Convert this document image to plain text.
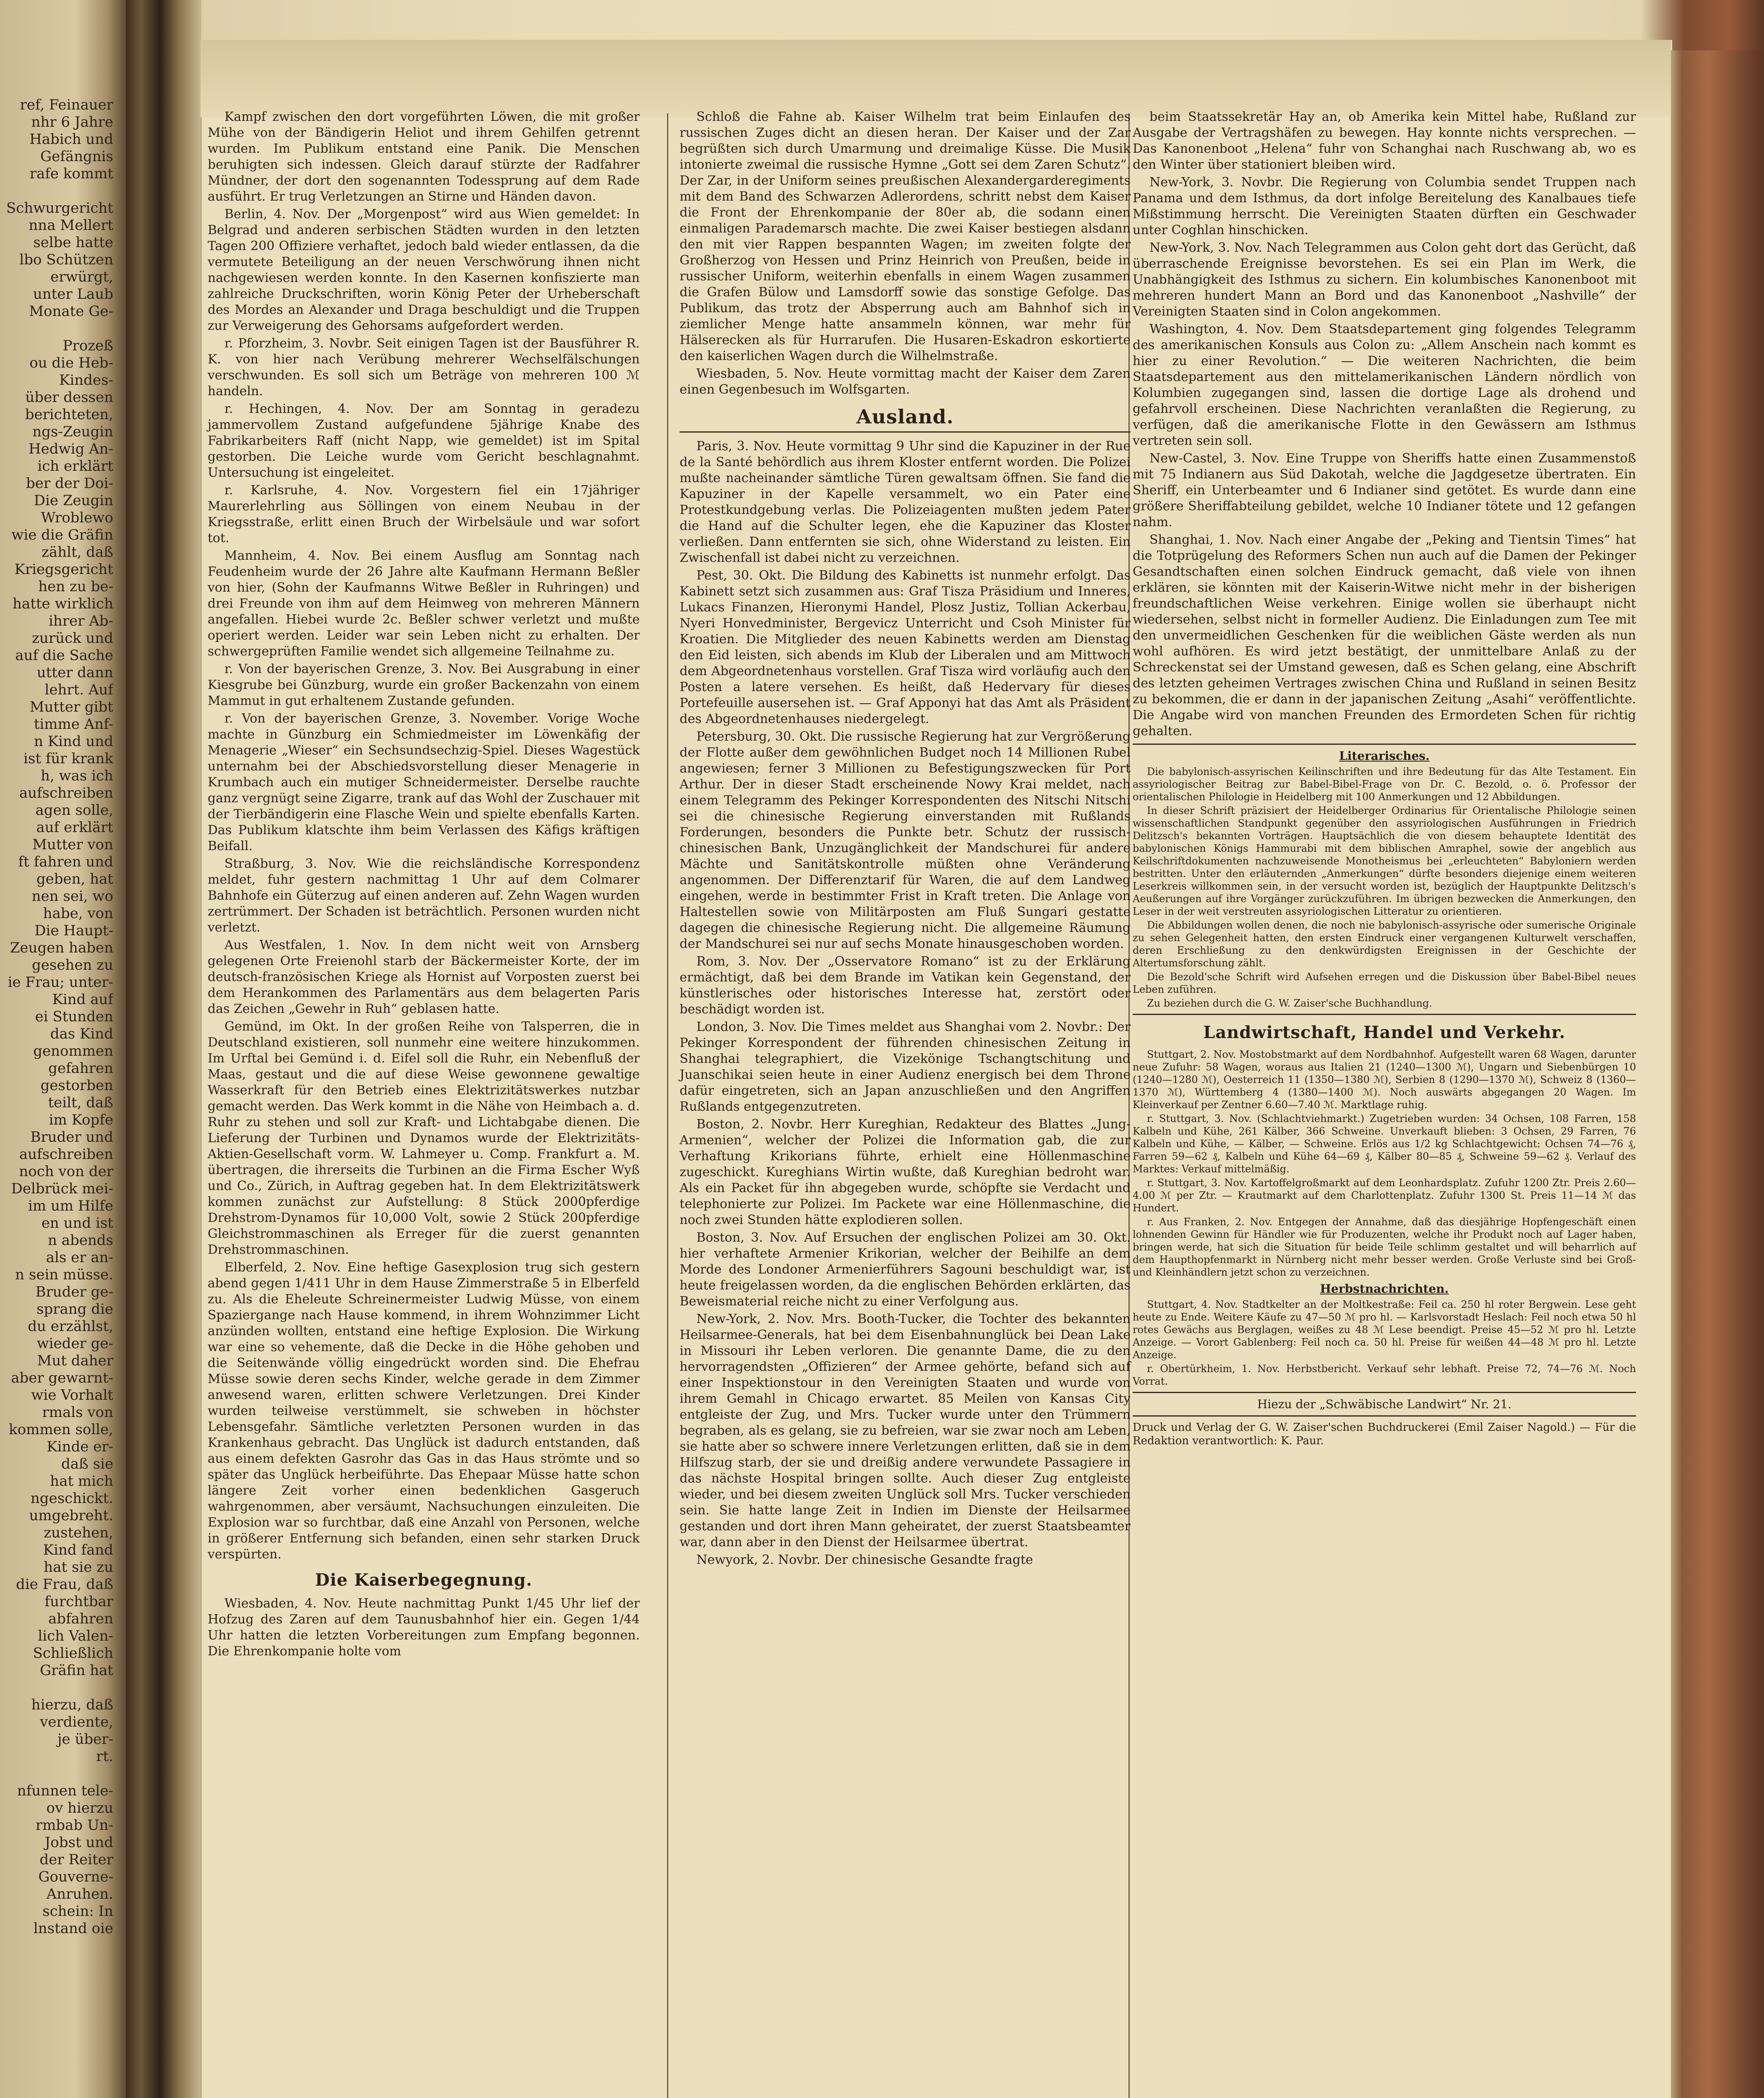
ref, Feinauer
nhr 6 Jahre
Habich und
Gefängnis
rafe kommt

Schwurgericht
nna Mellert
selbe hatte
lbo Schützen
erwürgt,
unter Laub
Monate Ge-

Prozeß
ou die Heb-
Kindes-
über dessen
berichteten,
ngs-Zeugin
Hedwig An-
ich erklärt
ber der Doi-
Die Zeugin
Wroblewo
wie die Gräfin
zählt, daß
Kriegsgericht
hen zu be-
hatte wirklich
ihrer Ab-
zurück und
auf die Sache
utter dann
lehrt. Auf
Mutter gibt
timme Anf-
n Kind und
ist für krank
h, was ich
aufschreiben
agen solle,
auf erklärt
Mutter von
ft fahren und
geben, hat
nen sei, wo
habe, von
Die Haupt-
Zeugen haben
gesehen zu
ie Frau; unter-
Kind auf
ei Stunden
das Kind
genommen
gefahren
gestorben
teilt, daß
im Kopfe
Bruder und
aufschreiben
noch von der
Delbrück mei-
im um Hilfe
en und ist
n abends
als er an-
n sein müsse.
Bruder ge-
sprang die
du erzählst,
wieder ge-
Mut daher
aber gewarnt-
wie Vorhalt
rmals von
kommen solle,
Kinde er-
daß sie
hat mich
ngeschickt.
umgebreht.
zustehen,
Kind fand
hat sie zu
die Frau, daß
furchtbar
abfahren
lich Valen-
Schließlich
Gräfin hat

hierzu, daß
verdiente,
je über-
rt.

nfunnen tele-
ov hierzu
rmbab Un-
Jobst und
der Reiter
Gouverne-
Anruhen.
schein: In
lnstand oie

Kampf zwischen den dort vorgeführten Löwen, die mit großer Mühe von der Bändigerin Heliot und ihrem Gehilfen getrennt wurden. Im Publikum entstand eine Panik. Die Menschen beruhigten sich indessen. Gleich darauf stürzte der Radfahrer Mündner, der dort den sogenannten Todessprung auf dem Rade ausführt. Er trug Verletzungen an Stirne und Händen davon.

Berlin, 4. Nov. Der „Morgenpost“ wird aus Wien gemeldet: In Belgrad und anderen serbischen Städten wurden in den letzten Tagen 200 Offiziere verhaftet, jedoch bald wieder entlassen, da die vermutete Beteiligung an der neuen Verschwörung ihnen nicht nachgewiesen werden konnte. In den Kasernen konfiszierte man zahlreiche Druckschriften, worin König Peter der Urheberschaft des Mordes an Alexander und Draga beschuldigt und die Truppen zur Verweigerung des Gehorsams aufgefordert werden.

r. Pforzheim, 3. Novbr. Seit einigen Tagen ist der Bausführer R. K. von hier nach Verübung mehrerer Wechselfälschungen verschwunden. Es soll sich um Beträge von mehreren 100 ℳ handeln.

r. Hechingen, 4. Nov. Der am Sonntag in geradezu jammervollem Zustand aufgefundene 5jährige Knabe des Fabrikarbeiters Raff (nicht Napp, wie gemeldet) ist im Spital gestorben. Die Leiche wurde vom Gericht beschlagnahmt. Untersuchung ist eingeleitet.

r. Karlsruhe, 4. Nov. Vorgestern fiel ein 17jähriger Maurerlehrling aus Söllingen von einem Neubau in der Kriegsstraße, erlitt einen Bruch der Wirbelsäule und war sofort tot.

Mannheim, 4. Nov. Bei einem Ausflug am Sonntag nach Feudenheim wurde der 26 Jahre alte Kaufmann Hermann Beßler von hier, (Sohn der Kaufmanns Witwe Beßler in Ruhringen) und drei Freunde von ihm auf dem Heimweg von mehreren Männern angefallen. Hiebei wurde 2c. Beßler schwer verletzt und mußte operiert werden. Leider war sein Leben nicht zu erhalten. Der schwergeprüften Familie wendet sich allgemeine Teilnahme zu.

r. Von der bayerischen Grenze, 3. Nov. Bei Ausgrabung in einer Kiesgrube bei Günzburg, wurde ein großer Backenzahn von einem Mammut in gut erhaltenem Zustande gefunden.

r. Von der bayerischen Grenze, 3. November. Vorige Woche machte in Günzburg ein Schmiedmeister im Löwenkäfig der Menagerie „Wieser“ ein Sechsundsechzig-Spiel. Dieses Wagestück unternahm bei der Abschiedsvorstellung dieser Menagerie in Krumbach auch ein mutiger Schneidermeister. Derselbe rauchte ganz vergnügt seine Zigarre, trank auf das Wohl der Zuschauer mit der Tierbändigerin eine Flasche Wein und spielte ebenfalls Karten. Das Publikum klatschte ihm beim Verlassen des Käfigs kräftigen Beifall.

Straßburg, 3. Nov. Wie die reichsländische Korrespondenz meldet, fuhr gestern nachmittag 1 Uhr auf dem Colmarer Bahnhofe ein Güterzug auf einen anderen auf. Zehn Wagen wurden zertrümmert. Der Schaden ist beträchtlich. Personen wurden nicht verletzt.

Aus Westfalen, 1. Nov. In dem nicht weit von Arnsberg gelegenen Orte Freienohl starb der Bäckermeister Korte, der im deutsch-französischen Kriege als Hornist auf Vorposten zuerst bei dem Herankommen des Parlamentärs aus dem belagerten Paris das Zeichen „Gewehr in Ruh“ geblasen hatte.

Gemünd, im Okt. In der großen Reihe von Talsperren, die in Deutschland existieren, soll nunmehr eine weitere hinzukommen. Im Urftal bei Gemünd i. d. Eifel soll die Ruhr, ein Nebenfluß der Maas, gestaut und die auf diese Weise gewonnene gewaltige Wasserkraft für den Betrieb eines Elektrizitätswerkes nutzbar gemacht werden. Das Werk kommt in die Nähe von Heimbach a. d. Ruhr zu stehen und soll zur Kraft- und Lichtabgabe dienen. Die Lieferung der Turbinen und Dynamos wurde der Elektrizitäts-Aktien-Gesellschaft vorm. W. Lahmeyer u. Comp. Frankfurt a. M. übertragen, die ihrerseits die Turbinen an die Firma Escher Wyß und Co., Zürich, in Auftrag gegeben hat. In dem Elektrizitätswerk kommen zunächst zur Aufstellung: 8 Stück 2000pferdige Drehstrom-Dynamos für 10,000 Volt, sowie 2 Stück 200pferdige Gleichstrommaschinen als Erreger für die zuerst genannten Drehstrommaschinen.

Elberfeld, 2. Nov. Eine heftige Gasexplosion trug sich gestern abend gegen 1/411 Uhr in dem Hause Zimmerstraße 5 in Elberfeld zu. Als die Eheleute Schreinermeister Ludwig Müsse, von einem Spaziergange nach Hause kommend, in ihrem Wohnzimmer Licht anzünden wollten, entstand eine heftige Explosion. Die Wirkung war eine so vehemente, daß die Decke in die Höhe gehoben und die Seitenwände völlig eingedrückt worden sind. Die Ehefrau Müsse sowie deren sechs Kinder, welche gerade in dem Zimmer anwesend waren, erlitten schwere Verletzungen. Drei Kinder wurden teilweise verstümmelt, sie schweben in höchster Lebensgefahr. Sämtliche verletzten Personen wurden in das Krankenhaus gebracht. Das Unglück ist dadurch entstanden, daß aus einem defekten Gasrohr das Gas in das Haus strömte und so später das Unglück herbeiführte. Das Ehepaar Müsse hatte schon längere Zeit vorher einen bedenklichen Gasgeruch wahrgenommen, aber versäumt, Nachsuchungen einzuleiten. Die Explosion war so furchtbar, daß eine Anzahl von Personen, welche in größerer Entfernung sich befanden, einen sehr starken Druck verspürten.

Die Kaiserbegegnung.

Wiesbaden, 4. Nov. Heute nachmittag Punkt 1/45 Uhr lief der Hofzug des Zaren auf dem Taunusbahnhof hier ein. Gegen 1/44 Uhr hatten die letzten Vorbereitungen zum Empfang begonnen. Die Ehrenkompanie holte vom

Schloß die Fahne ab. Kaiser Wilhelm trat beim Einlaufen des russischen Zuges dicht an diesen heran. Der Kaiser und der Zar begrüßten sich durch Umarmung und dreimalige Küsse. Die Musik intonierte zweimal die russische Hymne „Gott sei dem Zaren Schutz“. Der Zar, in der Uniform seines preußischen Alexandergarderegiments mit dem Band des Schwarzen Adlerordens, schritt nebst dem Kaiser die Front der Ehrenkompanie der 80er ab, die sodann einen einmaligen Parademarsch machte. Die zwei Kaiser bestiegen alsdann den mit vier Rappen bespannten Wagen; im zweiten folgte der Großherzog von Hessen und Prinz Heinrich von Preußen, beide in russischer Uniform, weiterhin ebenfalls in einem Wagen zusammen die Grafen Bülow und Lamsdorff sowie das sonstige Gefolge. Das Publikum, das trotz der Absperrung auch am Bahnhof sich in ziemlicher Menge hatte ansammeln können, war mehr für Hälserecken als für Hurrarufen. Die Husaren-Eskadron eskortierte den kaiserlichen Wagen durch die Wilhelmstraße.

Wiesbaden, 5. Nov. Heute vormittag macht der Kaiser dem Zaren einen Gegenbesuch im Wolfsgarten.

Ausland.

Paris, 3. Nov. Heute vormittag 9 Uhr sind die Kapuziner in der Rue de la Santé behördlich aus ihrem Kloster entfernt worden. Die Polizei mußte nacheinander sämtliche Türen gewaltsam öffnen. Sie fand die Kapuziner in der Kapelle versammelt, wo ein Pater eine Protestkundgebung verlas. Die Polizeiagenten mußten jedem Pater die Hand auf die Schulter legen, ehe die Kapuziner das Kloster verließen. Dann entfernten sie sich, ohne Widerstand zu leisten. Ein Zwischenfall ist dabei nicht zu verzeichnen.

Pest, 30. Okt. Die Bildung des Kabinetts ist nunmehr erfolgt. Das Kabinett setzt sich zusammen aus: Graf Tisza Präsidium und Inneres, Lukacs Finanzen, Hieronymi Handel, Plosz Justiz, Tollian Ackerbau, Nyeri Honvedminister, Bergevicz Unterricht und Csoh Minister für Kroatien. Die Mitglieder des neuen Kabinetts werden am Dienstag den Eid leisten, sich abends im Klub der Liberalen und am Mittwoch dem Abgeordnetenhaus vorstellen. Graf Tisza wird vorläufig auch den Posten a latere versehen. Es heißt, daß Hedervary für dieses Portefeuille ausersehen ist. — Graf Apponyi hat das Amt als Präsident des Abgeordnetenhauses niedergelegt.

Petersburg, 30. Okt. Die russische Regierung hat zur Vergrößerung der Flotte außer dem gewöhnlichen Budget noch 14 Millionen Rubel angewiesen; ferner 3 Millionen zu Befestigungszwecken für Port Arthur. Der in dieser Stadt erscheinende Nowy Krai meldet, nach einem Telegramm des Pekinger Korrespondenten des Nitschi Nitschi sei die chinesische Regierung einverstanden mit Rußlands Forderungen, besonders die Punkte betr. Schutz der russisch-chinesischen Bank, Unzugänglichkeit der Mandschurei für andere Mächte und Sanitätskontrolle müßten ohne Veränderung angenommen. Der Differenztarif für Waren, die auf dem Landweg eingehen, werde in bestimmter Frist in Kraft treten. Die Anlage von Haltestellen sowie von Militärposten am Fluß Sungari gestatte dagegen die chinesische Regierung nicht. Die allgemeine Räumung der Mandschurei sei nur auf sechs Monate hinausgeschoben worden.

Rom, 3. Nov. Der „Osservatore Romano“ ist zu der Erklärung ermächtigt, daß bei dem Brande im Vatikan kein Gegenstand, der künstlerisches oder historisches Interesse hat, zerstört oder beschädigt worden ist.

London, 3. Nov. Die Times meldet aus Shanghai vom 2. Novbr.: Der Pekinger Korrespondent der führenden chinesischen Zeitung in Shanghai telegraphiert, die Vizekönige Tschangtschitung und Juanschikai seien heute in einer Audienz energisch bei dem Throne dafür eingetreten, sich an Japan anzuschließen und den Angriffen Rußlands entgegenzutreten.

Boston, 2. Novbr. Herr Kureghian, Redakteur des Blattes „Jung-Armenien“, welcher der Polizei die Information gab, die zur Verhaftung Krikorians führte, erhielt eine Höllenmaschine zugeschickt. Kureghians Wirtin wußte, daß Kureghian bedroht war. Als ein Packet für ihn abgegeben wurde, schöpfte sie Verdacht und telephonierte zur Polizei. Im Packete war eine Höllenmaschine, die noch zwei Stunden hätte explodieren sollen.

Boston, 3. Nov. Auf Ersuchen der englischen Polizei am 30. Okt. hier verhaftete Armenier Krikorian, welcher der Beihilfe an dem Morde des Londoner Armenierführers Sagouni beschuldigt war, ist heute freigelassen worden, da die englischen Behörden erklärten, das Beweismaterial reiche nicht zu einer Verfolgung aus.

New-York, 2. Nov. Mrs. Booth-Tucker, die Tochter des bekannten Heilsarmee-Generals, hat bei dem Eisenbahnunglück bei Dean Lake in Missouri ihr Leben verloren. Die genannte Dame, die zu den hervorragendsten „Offizieren“ der Armee gehörte, befand sich auf einer Inspektionstour in den Vereinigten Staaten und wurde von ihrem Gemahl in Chicago erwartet. 85 Meilen von Kansas City entgleiste der Zug, und Mrs. Tucker wurde unter den Trümmern begraben, als es gelang, sie zu befreien, war sie zwar noch am Leben, sie hatte aber so schwere innere Verletzungen erlitten, daß sie in dem Hilfszug starb, der sie und dreißig andere verwundete Passagiere in das nächste Hospital bringen sollte. Auch dieser Zug entgleiste wieder, und bei diesem zweiten Unglück soll Mrs. Tucker verschieden sein. Sie hatte lange Zeit in Indien im Dienste der Heilsarmee gestanden und dort ihren Mann geheiratet, der zuerst Staatsbeamter war, dann aber in den Dienst der Heilsarmee übertrat.

Newyork, 2. Novbr. Der chinesische Gesandte fragte

beim Staatssekretär Hay an, ob Amerika kein Mittel habe, Rußland zur Ausgabe der Vertragshäfen zu bewegen. Hay konnte nichts versprechen. — Das Kanonenboot „Helena“ fuhr von Schanghai nach Ruschwang ab, wo es den Winter über stationiert bleiben wird.

New-York, 3. Novbr. Die Regierung von Columbia sendet Truppen nach Panama und dem Isthmus, da dort infolge Bereitelung des Kanalbaues tiefe Mißstimmung herrscht. Die Vereinigten Staaten dürften ein Geschwader unter Coghlan hinschicken.

New-York, 3. Nov. Nach Telegrammen aus Colon geht dort das Gerücht, daß überraschende Ereignisse bevorstehen. Es sei ein Plan im Werk, die Unabhängigkeit des Isthmus zu sichern. Ein kolumbisches Kanonenboot mit mehreren hundert Mann an Bord und das Kanonenboot „Nashville“ der Vereinigten Staaten sind in Colon angekommen.

Washington, 4. Nov. Dem Staatsdepartement ging folgendes Telegramm des amerikanischen Konsuls aus Colon zu: „Allem Anschein nach kommt es hier zu einer Revolution.“ — Die weiteren Nachrichten, die beim Staatsdepartement aus den mittelamerikanischen Ländern nördlich von Kolumbien zugegangen sind, lassen die dortige Lage als drohend und gefahrvoll erscheinen. Diese Nachrichten veranlaßten die Regierung, zu verfügen, daß die amerikanische Flotte in den Gewässern am Isthmus vertreten sein soll.

New-Castel, 3. Nov. Eine Truppe von Sheriffs hatte einen Zusammenstoß mit 75 Indianern aus Süd Dakotah, welche die Jagdgesetze übertraten. Ein Sheriff, ein Unterbeamter und 6 Indianer sind getötet. Es wurde dann eine größere Sheriffabteilung gebildet, welche 10 Indianer tötete und 12 gefangen nahm.

Shanghai, 1. Nov. Nach einer Angabe der „Peking and Tientsin Times“ hat die Totprügelung des Reformers Schen nun auch auf die Damen der Pekinger Gesandtschaften einen solchen Eindruck gemacht, daß viele von ihnen erklären, sie könnten mit der Kaiserin-Witwe nicht mehr in der bisherigen freundschaftlichen Weise verkehren. Einige wollen sie überhaupt nicht wiedersehen, selbst nicht in formeller Audienz. Die Einladungen zum Tee mit den unvermeidlichen Geschenken für die weiblichen Gäste werden als nun wohl aufhören. Es wird jetzt bestätigt, der unmittelbare Anlaß zu der Schreckenstat sei der Umstand gewesen, daß es Schen gelang, eine Abschrift des letzten geheimen Vertrages zwischen China und Rußland in seinen Besitz zu bekommen, die er dann in der japanischen Zeitung „Asahi“ veröffentlichte. Die Angabe wird von manchen Freunden des Ermordeten Schen für richtig gehalten.

Literarisches.

Die babylonisch-assyrischen Keilinschriften und ihre Bedeutung für das Alte Testament. Ein assyriologischer Beitrag zur Babel-Bibel-Frage von Dr. C. Bezold, o. ö. Professor der orientalischen Philologie in Heidelberg mit 100 Anmerkungen und 12 Abbildungen.

In dieser Schrift präzisiert der Heidelberger Ordinarius für Orientalische Philologie seinen wissenschaftlichen Standpunkt gegenüber den assyriologischen Ausführungen in Friedrich Delitzsch's bekannten Vorträgen. Hauptsächlich die von diesem behauptete Identität des babylonischen Königs Hammurabi mit dem biblischen Amraphel, sowie der angeblich aus Keilschriftdokumenten nachzuweisende Monotheismus bei „erleuchteten“ Babyloniern werden bestritten. Unter den erläuternden „Anmerkungen“ dürfte besonders diejenige einem weiteren Leserkreis willkommen sein, in der versucht worden ist, bezüglich der Hauptpunkte Delitzsch's Aeußerungen auf ihre Vorgänger zurückzuführen. Im übrigen bezwecken die Anmerkungen, den Leser in der weit verstreuten assyriologischen Litteratur zu orientieren.

Die Abbildungen wollen denen, die noch nie babylonisch-assyrische oder sumerische Originale zu sehen Gelegenheit hatten, den ersten Eindruck einer vergangenen Kulturwelt verschaffen, deren Erschließung zu den denkwürdigsten Ereignissen in der Geschichte der Altertumsforschung zählt.

Die Bezold'sche Schrift wird Aufsehen erregen und die Diskussion über Babel-Bibel neues Leben zuführen.

Zu beziehen durch die G. W. Zaiser'sche Buchhandlung.

Landwirtschaft, Handel und Verkehr.

Stuttgart, 2. Nov. Mostobstmarkt auf dem Nordbahnhof. Aufgestellt waren 68 Wagen, darunter neue Zufuhr: 58 Wagen, woraus aus Italien 21 (1240—1300 ℳ), Ungarn und Siebenbürgen 10 (1240—1280 ℳ), Oesterreich 11 (1350—1380 ℳ), Serbien 8 (1290—1370 ℳ), Schweiz 8 (1360—1370 ℳ), Württemberg 4 (1380—1400 ℳ). Noch auswärts abgegangen 20 Wagen. Im Kleinverkauf per Zentner 6.60—7.40 ℳ. Marktlage ruhig.

r. Stuttgart, 3. Nov. (Schlachtviehmarkt.) Zugetrieben wurden: 34 Ochsen, 108 Farren, 158 Kalbeln und Kühe, 261 Kälber, 366 Schweine. Unverkauft blieben: 3 Ochsen, 29 Farren, 76 Kalbeln und Kühe, — Kälber, — Schweine. Erlös aus 1/2 kg Schlachtgewicht: Ochsen 74—76 ₰, Farren 59—62 ₰, Kalbeln und Kühe 64—69 ₰, Kälber 80—85 ₰, Schweine 59—62 ₰. Verlauf des Marktes: Verkauf mittelmäßig.

r. Stuttgart, 3. Nov. Kartoffelgroßmarkt auf dem Leonhardsplatz. Zufuhr 1200 Ztr. Preis 2.60—4.00 ℳ per Ztr. — Krautmarkt auf dem Charlottenplatz. Zufuhr 1300 St. Preis 11—14 ℳ das Hundert.

r. Aus Franken, 2. Nov. Entgegen der Annahme, daß das diesjährige Hopfengeschäft einen lohnenden Gewinn für Händler wie für Produzenten, welche ihr Produkt noch auf Lager haben, bringen werde, hat sich die Situation für beide Teile schlimm gestaltet und will beharrlich auf dem Haupthopfenmarkt in Nürnberg nicht mehr besser werden. Große Verluste sind bei Groß- und Kleinhändlern jetzt schon zu verzeichnen.

Herbstnachrichten.

Stuttgart, 4. Nov. Stadtkelter an der Moltkestraße: Feil ca. 250 hl roter Bergwein. Lese geht heute zu Ende. Weitere Käufe zu 47—50 ℳ pro hl. — Karlsvorstadt Heslach: Feil noch etwa 50 hl rotes Gewächs aus Berglagen, weißes zu 48 ℳ Lese beendigt. Preise 45—52 ℳ pro hl. Letzte Anzeige. — Vorort Gablenberg: Feil noch ca. 50 hl. Preise für weißen 44—48 ℳ pro hl. Letzte Anzeige.

r. Obertürkheim, 1. Nov. Herbstbericht. Verkauf sehr lebhaft. Preise 72, 74—76 ℳ. Noch Vorrat.

Hiezu der „Schwäbische Landwirt“ Nr. 21.
Druck und Verlag der G. W. Zaiser'schen Buchdruckerei (Emil Zaiser Nagold.) — Für die Redaktion verantwortlich: K. Paur.
